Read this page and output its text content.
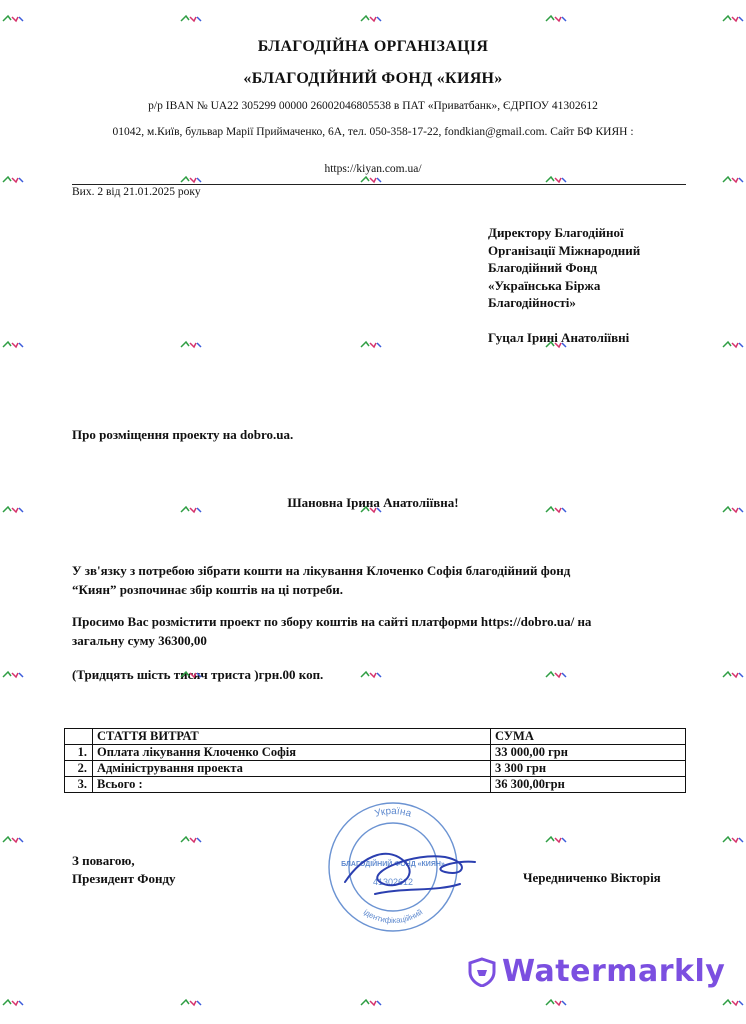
БЛАГОДІЙНА ОРГАНІЗАЦІЯ
«БЛАГОДІЙНИЙ ФОНД «КИЯН»
р/р IBAN № UA22 305299 00000 26002046805538 в ПАТ «Приватбанк», ЄДРПОУ 41302612
01042, м.Київ, бульвар Марії Приймаченко, 6А, тел. 050-358-17-22, fondkian@gmail.com. Сайт БФ КИЯН :
https://kiyan.com.ua/
Вих. 2 від 21.01.2025 року
Директору Благодійної
Організації Міжнародний
Благодійний Фонд
«Українська Біржа
Благодійності»
Гуцал Ірині Анатоліївні
Про розміщення проекту на dobro.ua.
Шановна Ірина Анатоліївна!
У зв'язку з потребою зібрати кошти на лікування Клоченко Софія благодійний фонд
“Киян” розпочинає збір коштів на ці потреби.
Просимо Вас розмістити проект по збору коштів на сайті платформи https://dobro.ua/ на
загальну суму 36300,00
(Тридцять шість тисяч триста )грн.00 коп.
	СТАТТЯ ВИТРАТ	СУМА
1.	Оплата лікування Клоченко Софія	33 000,00 грн
2.	Адміністрування проекта	3 300 грн
3.	Всього :	36 300,00грн
З повагою,
Президент Фонду	Чередниченко Вікторія
Україна
БЛАГОДІЙНИЙ ФОНД «КИЯН»
41302612
ідентифікаційний
Watermarkly
